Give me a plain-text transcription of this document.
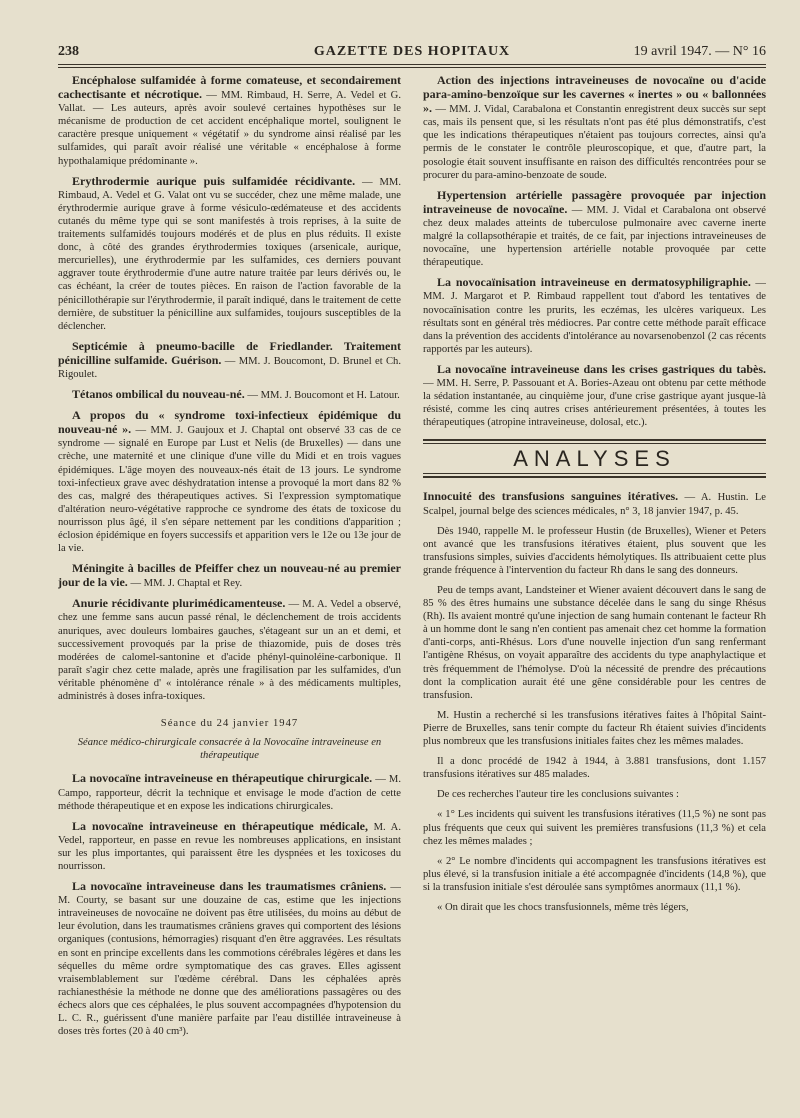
238	GAZETTE DES HOPITAUX	19 avril 1947. — N° 16

Encéphalose sulfamidée à forme comateuse, et secondairement cachectisante et nécrotique. — MM. Rimbaud, H. Serre, A. Vedel et G. Vallat. — Les auteurs, après avoir soulevé certaines hypothèses sur le mécanisme de production de cet accident encéphalique mortel, soulignent le caractère presque uniquement « végétatif » du syndrome ainsi réalisé par les sulfamides, qui paraît avoir réalisé une véritable « encéphalose à forme hypothalamique prédominante ».

Erythrodermie aurique puis sulfamidée récidivante. — MM. Rimbaud, A. Vedel et G. Valat ont vu se succéder, chez une même malade, une érythrodermie aurique grave à forme vésiculo-œdémateuse et des accidents cutanés du même type qui se sont manifestés à trois reprises, à la suite de traitements sulfamidés toujours modérés et de plus en plus réduits. Il existe donc, à côté des grandes érythrodermies toxiques (arsenicale, aurique, mercurielles), une érythrodermie par les sulfamides, ces derniers pouvant aggraver toute érythrodermie d'une autre nature traitée par leurs dérivés ou, le cas échéant, la créer de toutes pièces. En raison de l'action favorable de la pénicillothérapie sur l'érythrodermie, il paraît indiqué, dans le traitement de cette dernière, de substituer la pénicilline aux sulfamides, toujours susceptibles de la déclencher.

Septicémie à pneumo-bacille de Friedlander. Traitement pénicilline sulfamide. Guérison. — MM. J. Boucomont, D. Brunel et Ch. Rigoulet.

Tétanos ombilical du nouveau-né. — MM. J. Boucomont et H. Latour.

A propos du « syndrome toxi-infectieux épidémique du nouveau-né ». — MM. J. Gaujoux et J. Chaptal ont observé 33 cas de ce syndrome — signalé en Europe par Lust et Nelis (de Bruxelles) — dans une crèche, une maternité et une clinique d'une ville du Midi et en trois vagues épidémiques. L'âge moyen des nouveaux-nés était de 13 jours. Le syndrome toxi-infectieux grave avec déshydratation intense a provoqué la mort dans 82 % des cas, malgré des thérapeutiques actives. Si l'expression symptomatique d'altération neuro-végétative rapproche ce syndrome des états de toxicose du nourrisson plus âgé, il s'en sépare nettement par les conditions d'apparition ; éclosion épidémique en foyers successifs et apparition vers le 12e ou 13e jour de la vie.

Méningite à bacilles de Pfeiffer chez un nouveau-né au premier jour de la vie. — MM. J. Chaptal et Rey.

Anurie récidivante plurimédicamenteuse. — M. A. Vedel a observé, chez une femme sans aucun passé rénal, le déclenchement de trois accidents anuriques, avec douleurs lombaires gauches, s'étageant sur un an et demi, et successivement provoqués par la prise de thiazomide, puis de doses très modérées de calomel-santonine et d'acide phényl-quinoléine-carbonique. Il paraît s'agir chez cette malade, après une fragilisation par les sulfamides, d'un véritable phénomène d' « intolérance rénale » à des médicaments multiples, administrés à doses infra-toxiques.

Séance du 24 janvier 1947
Séance médico-chirurgicale consacrée à la Novocaïne intraveineuse en thérapeutique

La novocaïne intraveineuse en thérapeutique chirurgicale. — M. Campo, rapporteur, décrit la technique et envisage le mode d'action de cette méthode thérapeutique et en expose les indications chirurgicales.

La novocaïne intraveineuse en thérapeutique médicale, M. A. Vedel, rapporteur, en passe en revue les nombreuses applications, en insistant sur les plus importantes, qui paraissent être les dyspnées et les toxicoses du nourrisson.

La novocaïne intraveineuse dans les traumatismes crâniens. — M. Courty, se basant sur une douzaine de cas, estime que les injections intraveineuses de novocaïne ne doivent pas être utilisées, du moins au début de leur évolution, dans les traumatismes crâniens graves qui comportent des lésions organiques (contusions, hémorragies) risquant d'en être aggravées. Les résultats en sont en principe excellents dans les commotions cérébrales légères et dans les séquelles du même ordre symptomatique des cas graves. Elles agissent vraisemblablement sur l'œdème cérébral. Dans les céphalées après rachianesthésie la méthode ne donne que des améliorations passagères ou des échecs alors que ces céphalées, le plus souvent accompagnées d'hypotension du L. C. R., guérissent d'une manière parfaite par l'eau distillée intraveineuse à doses très fortes (20 à 40 cm³).

Action des injections intraveineuses de novocaïne ou d'acide para-amino-benzoïque sur les cavernes « inertes » ou « ballonnées ». — MM. J. Vidal, Carabalona et Constantin enregistrent deux succès sur sept cas, mais ils pensent que, si les résultats n'ont pas été plus démonstratifs, c'est que les indications thérapeutiques n'étaient pas toujours correctes, ainsi qu'a permis de le constater le contrôle pleuroscopique, et que, d'autre part, la posologie était souvent insuffisante en raison des difficultés rencontrées pour se procurer du para-amino-benzoate de soude.

Hypertension artérielle passagère provoquée par injection intraveineuse de novocaïne. — MM. J. Vidal et Carabalona ont observé chez deux malades atteints de tuberculose pulmonaire avec caverne inerte malgré la collapsothérapie et traités, de ce fait, par injections intraveineuses de novocaïne, une hypertension artérielle notable provoquée par cette thérapeutique.

La novocaïnisation intraveineuse en dermatosyphiligraphie. — MM. J. Margarot et P. Rimbaud rappellent tout d'abord les tentatives de novocaïnisation contre les prurits, les eczémas, les ulcères variqueux. Les résultats sont en général très médiocres. Par contre cette méthode paraît efficace dans la prévention des accidents d'intolérance au novarsenobenzol (2 cas récents rapportés par les auteurs).

La novocaïne intraveineuse dans les crises gastriques du tabès. — MM. H. Serre, P. Passouant et A. Bories-Azeau ont obtenu par cette méthode la sédation instantanée, au cinquième jour, d'une crise gastrique ayant jusque-là résisté, comme les cinq autres crises antérieurement présentées, à toutes les thérapeutiques (atropine intraveineuse, dolosal, etc.).

ANALYSES

Innocuité des transfusions sanguines itératives. — A. Hustin. Le Scalpel, journal belge des sciences médicales, n° 3, 18 janvier 1947, p. 45.

Dès 1940, rappelle M. le professeur Hustin (de Bruxelles), Wiener et Peters ont avancé que les transfusions itératives étaient, plus souvent que les transfusions simples, suivies d'accidents hémolytiques. Ils attribuaient cette plus grande fréquence à l'intervention du facteur Rh dans le sang des donneurs.

Peu de temps avant, Landsteiner et Wiener avaient découvert dans le sang de 85 % des êtres humains une substance décelée dans le sang du singe Rhésus (Rh). Ils avaient montré qu'une injection de sang humain contenant le facteur Rh à un homme dont le sang n'en contient pas amenait chez cet homme la formation d'anti-corps, anti-Rhésus. Lors d'une nouvelle injection d'un sang renfermant l'antigène Rhésus, on voyait apparaître des accidents du type anaphylactique et très fréquemment de l'hémolyse. D'où la nécessité de prendre des précautions dont la complication aurait été une gêne considérable pour les centres de transfusion.

M. Hustin a recherché si les transfusions itératives faites à l'hôpital Saint-Pierre de Bruxelles, sans tenir compte du facteur Rh étaient suivies d'incidents plus nombreux que les transfusions initiales faites chez les mêmes malades.

Il a donc procédé de 1942 à 1944, à 3.881 transfusions, dont 1.157 transfusions itératives sur 485 malades.

De ces recherches l'auteur tire les conclusions suivantes :

« 1° Les incidents qui suivent les transfusions itératives (11,5 %) ne sont pas plus fréquents que ceux qui suivent les premières transfusions (11,3 %) et cela chez les mêmes malades ;

« 2° Le nombre d'incidents qui accompagnent les transfusions itératives est plus élevé, si la transfusion initiale a été accompagnée d'incidents (14,8 %), que si la transfusion initiale s'est déroulée sans symptômes anormaux (11,1 %).

« On dirait que les chocs transfusionnels, même très légers,
